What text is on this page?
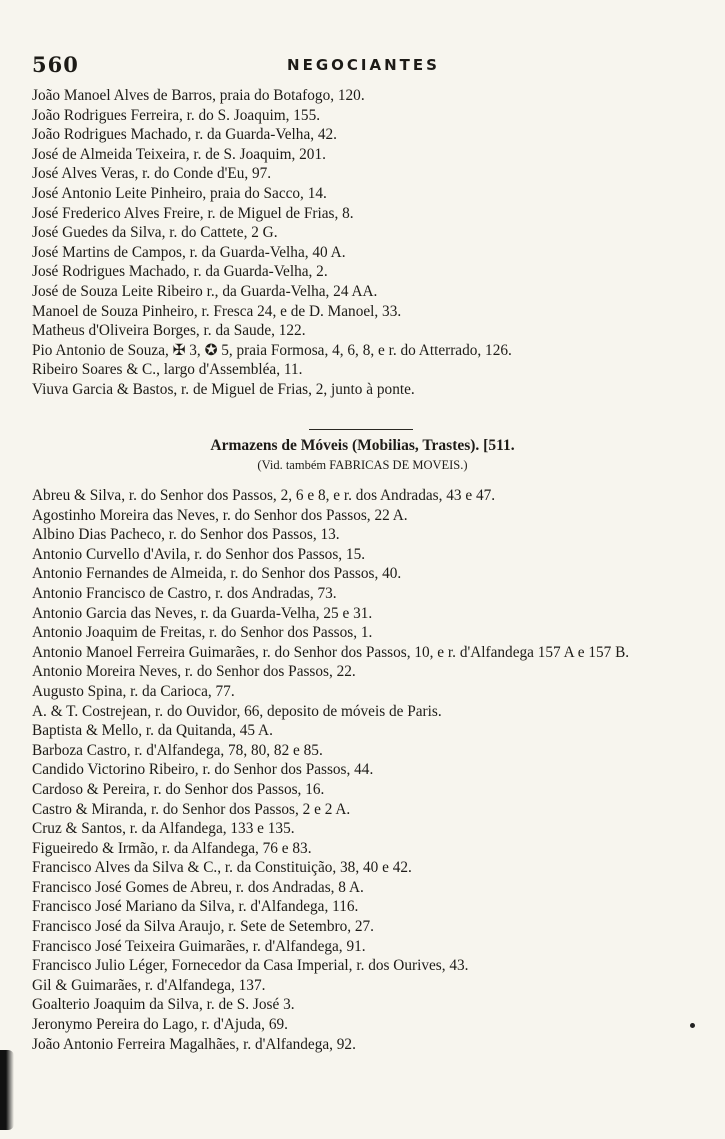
560	NEGOCIANTES
João Manoel Alves de Barros, praia do Botafogo, 120.
João Rodrigues Ferreira, r. do S. Joaquim, 155.
João Rodrigues Machado, r. da Guarda-Velha, 42.
José de Almeida Teixeira, r. de S. Joaquim, 201.
José Alves Veras, r. do Conde d'Eu, 97.
José Antonio Leite Pinheiro, praia do Sacco, 14.
José Frederico Alves Freire, r. de Miguel de Frias, 8.
José Guedes da Silva, r. do Cattete, 2 G.
José Martins de Campos, r. da Guarda-Velha, 40 A.
José Rodrigues Machado, r. da Guarda-Velha, 2.
José de Souza Leite Ribeiro r., da Guarda-Velha, 24 AA.
Manoel de Souza Pinheiro, r. Fresca 24, e de D. Manoel, 33.
Matheus d'Oliveira Borges, r. da Saude, 122.
Pio Antonio de Souza, ✠ 3, ✪ 5, praia Formosa, 4, 6, 8, e r. do Atterrado, 126.
Ribeiro Soares & C., largo d'Assembléa, 11.
Viuva Garcia & Bastos, r. de Miguel de Frias, 2, junto à ponte.
Armazens de Móveis (Mobilias, Trastes). [511.
(Vid. também FABRICAS DE MOVEIS.)
Abreu & Silva, r. do Senhor dos Passos, 2, 6 e 8, e r. dos Andradas, 43 e 47.
Agostinho Moreira das Neves, r. do Senhor dos Passos, 22 A.
Albino Dias Pacheco, r. do Senhor dos Passos, 13.
Antonio Curvello d'Avila, r. do Senhor dos Passos, 15.
Antonio Fernandes de Almeida, r. do Senhor dos Passos, 40.
Antonio Francisco de Castro, r. dos Andradas, 73.
Antonio Garcia das Neves, r. da Guarda-Velha, 25 e 31.
Antonio Joaquim de Freitas, r. do Senhor dos Passos, 1.
Antonio Manoel Ferreira Guimarães, r. do Senhor dos Passos, 10, e r. d'Alfandega 157 A e 157 B.
Antonio Moreira Neves, r. do Senhor dos Passos, 22.
Augusto Spina, r. da Carioca, 77.
A. & T. Costrejean, r. do Ouvidor, 66, deposito de móveis de Paris.
Baptista & Mello, r. da Quitanda, 45 A.
Barboza Castro, r. d'Alfandega, 78, 80, 82 e 85.
Candido Victorino Ribeiro, r. do Senhor dos Passos, 44.
Cardoso & Pereira, r. do Senhor dos Passos, 16.
Castro & Miranda, r. do Senhor dos Passos, 2 e 2 A.
Cruz & Santos, r. da Alfandega, 133 e 135.
Figueiredo & Irmão, r. da Alfandega, 76 e 83.
Francisco Alves da Silva & C., r. da Constituição, 38, 40 e 42.
Francisco José Gomes de Abreu, r. dos Andradas, 8 A.
Francisco José Mariano da Silva, r. d'Alfandega, 116.
Francisco José da Silva Araujo, r. Sete de Setembro, 27.
Francisco José Teixeira Guimarães, r. d'Alfandega, 91.
Francisco Julio Léger, Fornecedor da Casa Imperial, r. dos Ourives, 43.
Gil & Guimarães, r. d'Alfandega, 137.
Goalterio Joaquim da Silva, r. de S. José 3.
Jeronymo Pereira do Lago, r. d'Ajuda, 69.
João Antonio Ferreira Magalhães, r. d'Alfandega, 92.
